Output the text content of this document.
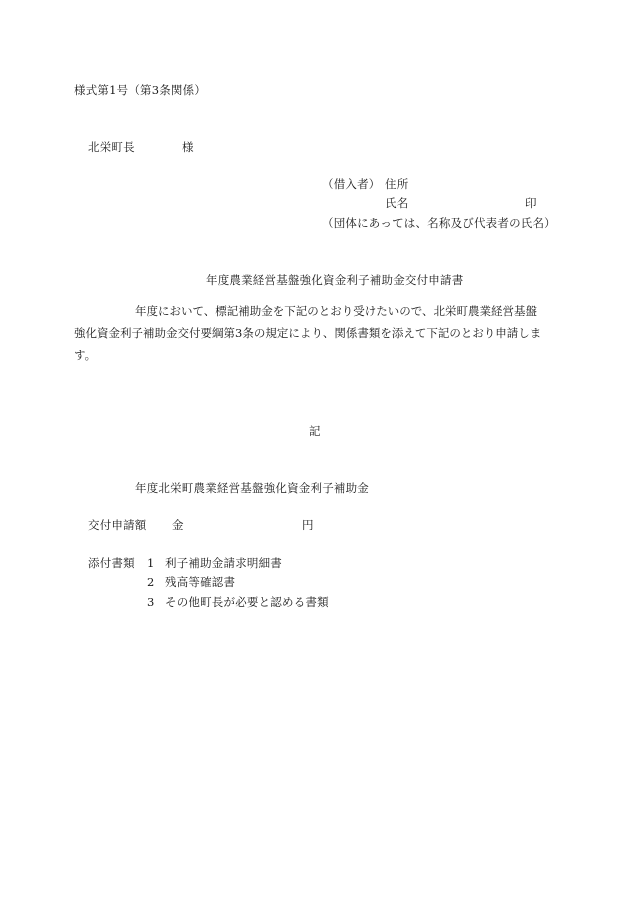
様式第1号（第3条関係）
北栄町長	様
（借入者） 住所
氏名	印
（団体にあっては、名称及び代表者の氏名）
年度農業経営基盤強化資金利子補助金交付申請書
年度において、標記補助金を下記のとおり受けたいので、北栄町農業経営基盤
強化資金利子補助金交付要綱第3条の規定により、関係書類を添えて下記のとおり申請しま
す。
記
年度北栄町農業経営基盤強化資金利子補助金
交付申請額 金	円
添付書類 1 利子補助金請求明細書
2 残高等確認書
3 その他町長が必要と認める書類
